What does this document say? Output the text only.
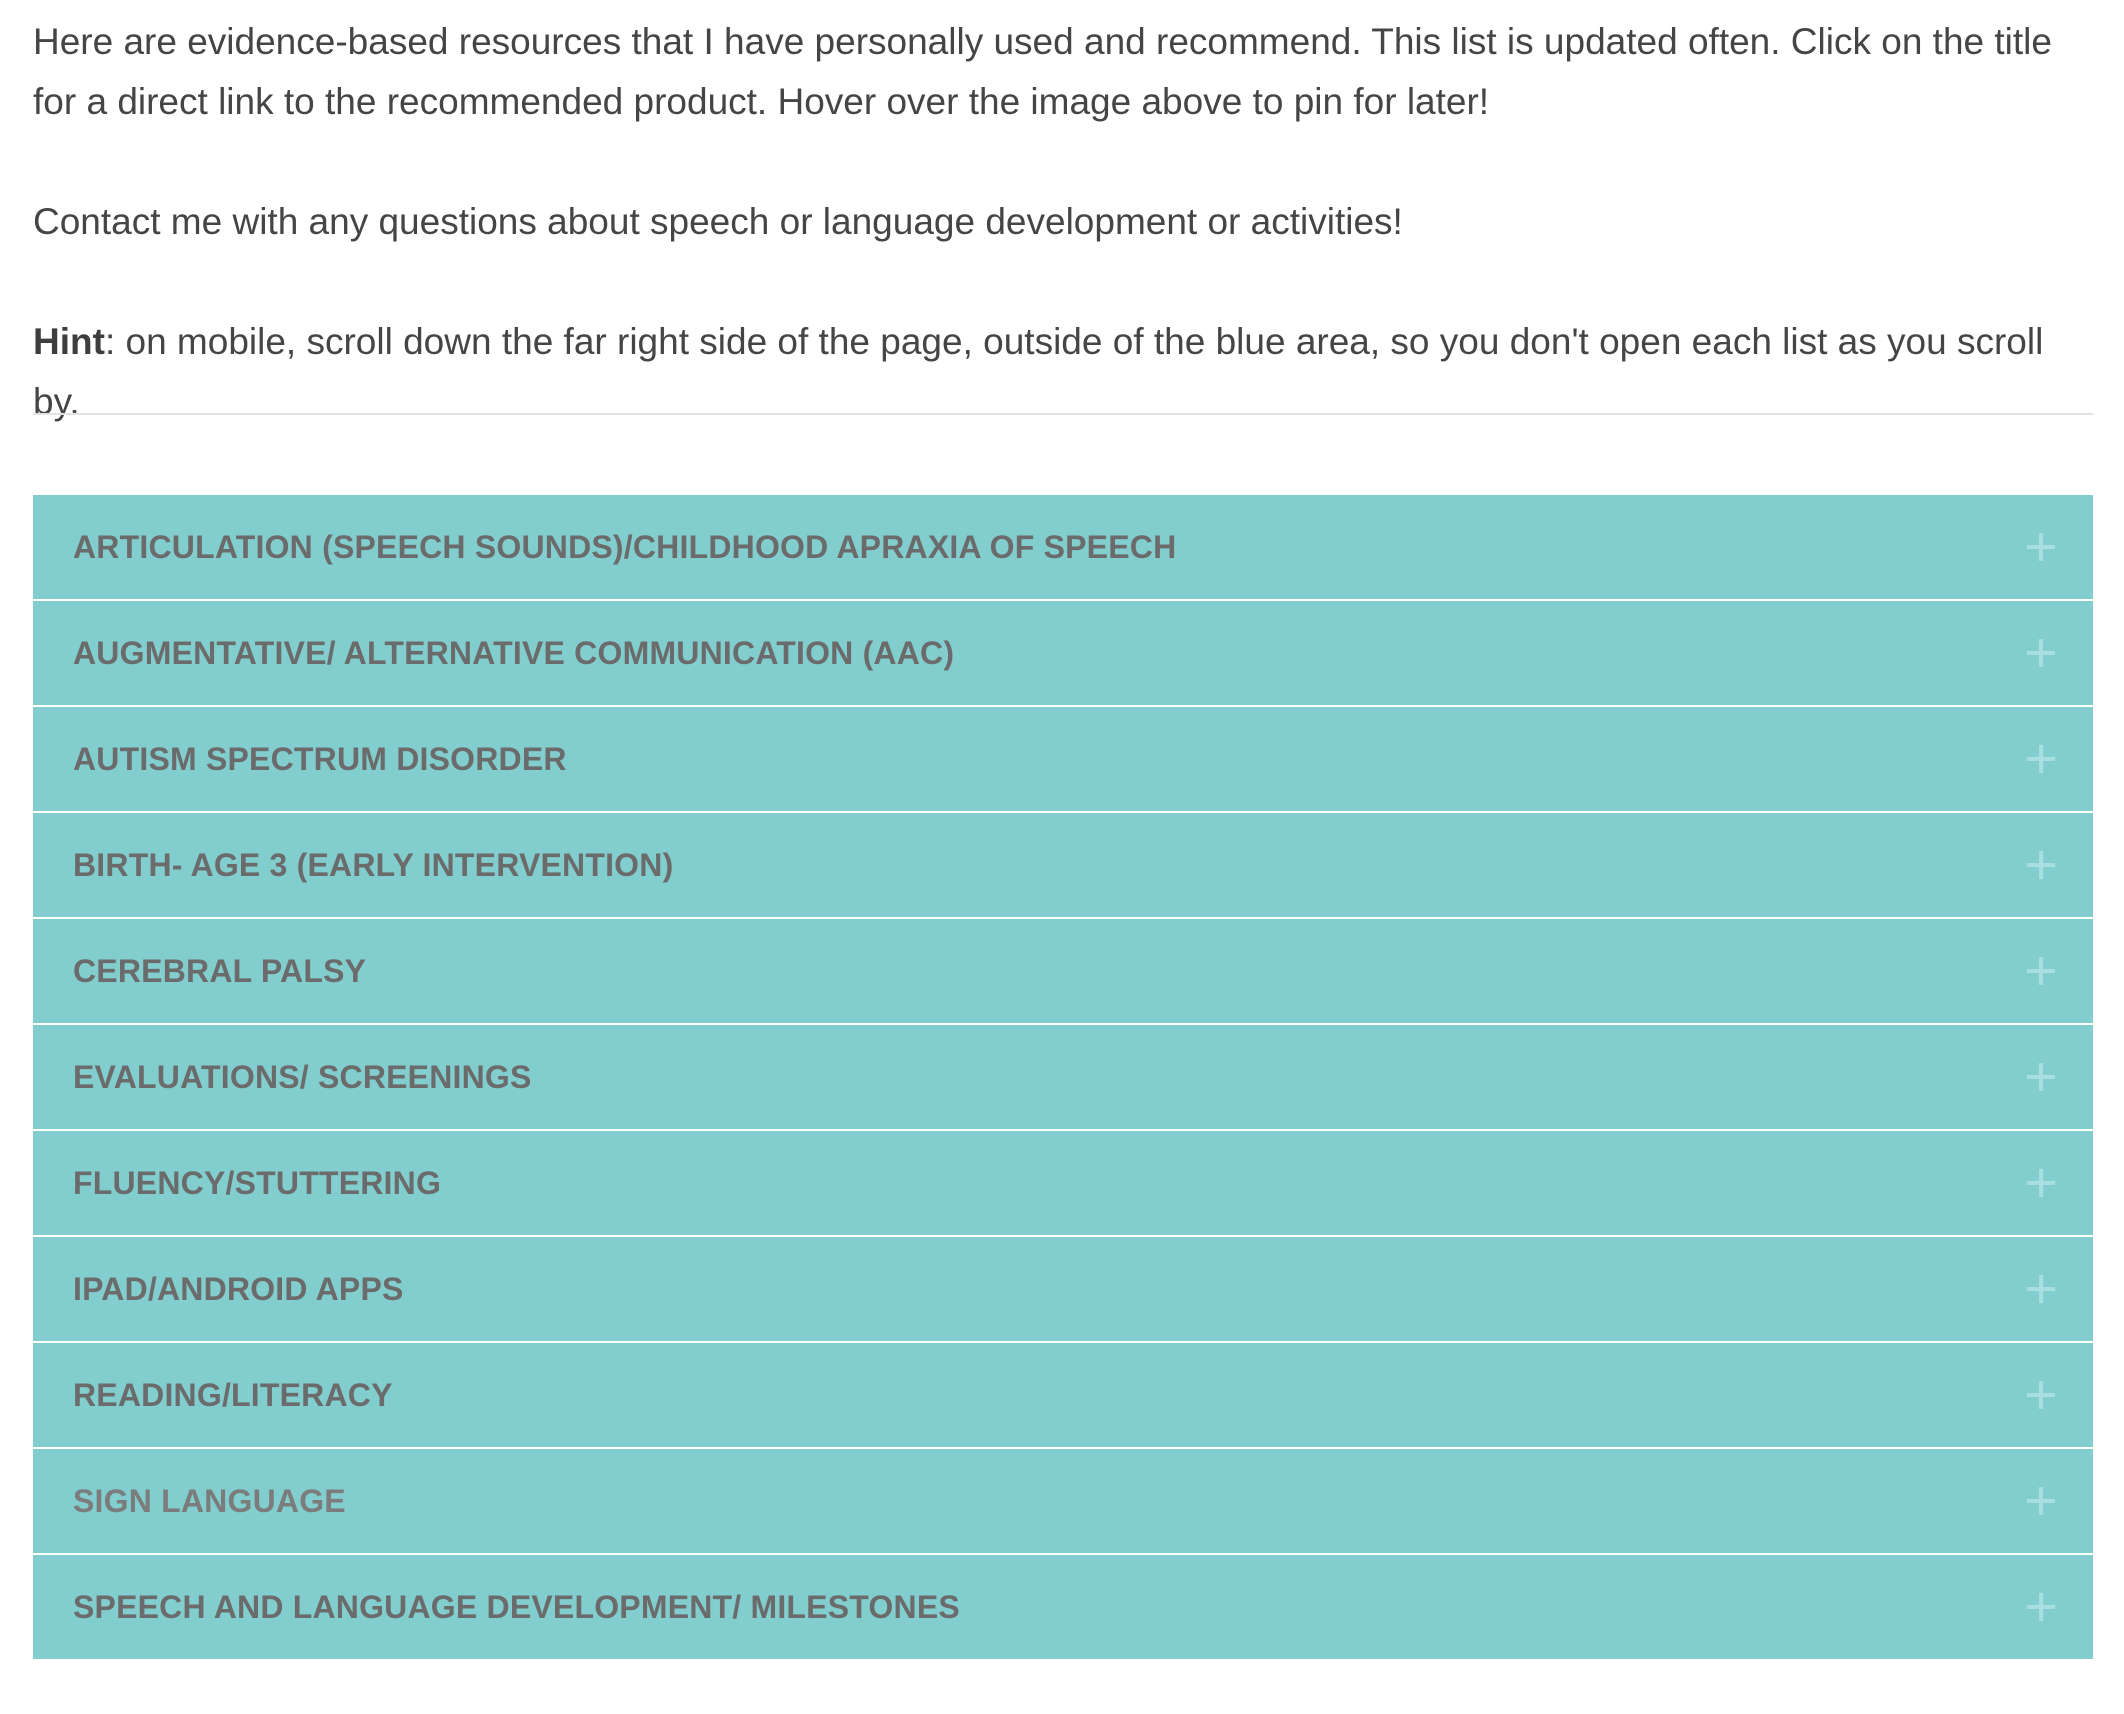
Here are evidence-based resources that I have personally used and recommend. This list is updated often. Click on the title for a direct link to the recommended product. Hover over the image above to pin for later!

Contact me with any questions about speech or language development or activities!

Hint: on mobile, scroll down the far right side of the page, outside of the blue area, so you don't open each list as you scroll by.

ARTICULATION (SPEECH SOUNDS)/CHILDHOOD APRAXIA OF SPEECH
AUGMENTATIVE/ ALTERNATIVE COMMUNICATION (AAC)
AUTISM SPECTRUM DISORDER
BIRTH- AGE 3 (EARLY INTERVENTION)
CEREBRAL PALSY
EVALUATIONS/ SCREENINGS
FLUENCY/STUTTERING
IPAD/ANDROID APPS
READING/LITERACY
SIGN LANGUAGE
SPEECH AND LANGUAGE DEVELOPMENT/ MILESTONES
